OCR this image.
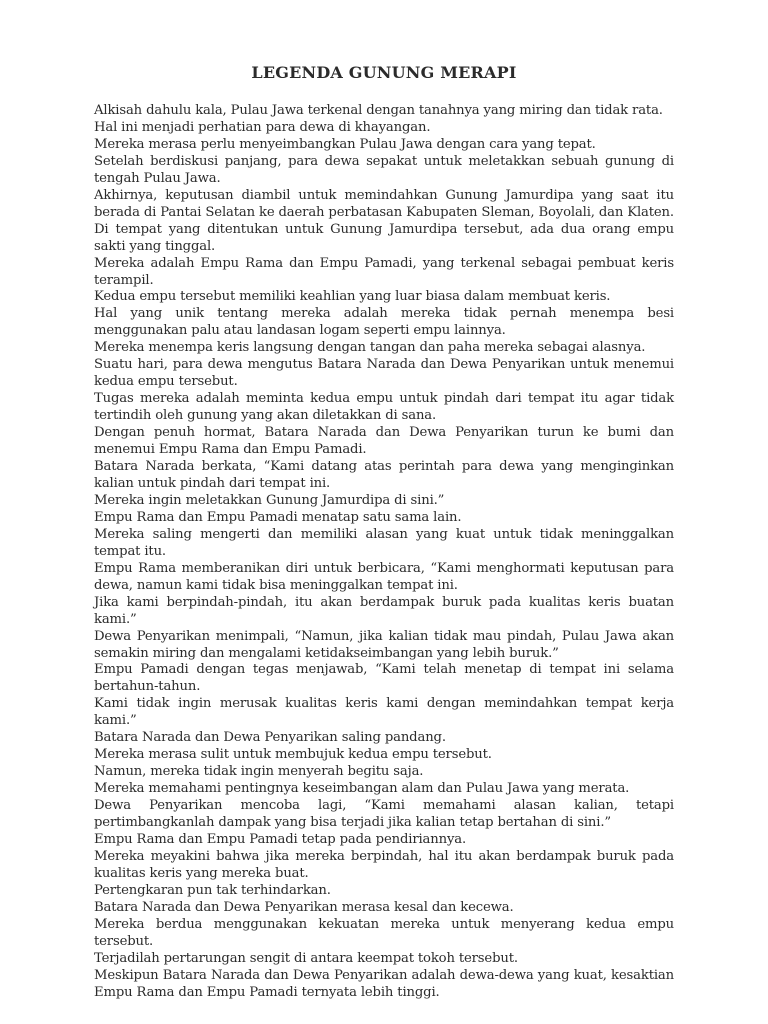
LEGENDA GUNUNG MERAPI

Alkisah dahulu kala, Pulau Jawa terkenal dengan tanahnya yang miring dan tidak rata.

Hal ini menjadi perhatian para dewa di khayangan.

Mereka merasa perlu menyeimbangkan Pulau Jawa dengan cara yang tepat.

Setelah berdiskusi panjang, para dewa sepakat untuk meletakkan sebuah gunung di tengah Pulau Jawa.

Akhirnya, keputusan diambil untuk memindahkan Gunung Jamurdipa yang saat itu berada di Pantai Selatan ke daerah perbatasan Kabupaten Sleman, Boyolali, dan Klaten.

Di tempat yang ditentukan untuk Gunung Jamurdipa tersebut, ada dua orang empu sakti yang tinggal.

Mereka adalah Empu Rama dan Empu Pamadi, yang terkenal sebagai pembuat keris terampil.

Kedua empu tersebut memiliki keahlian yang luar biasa dalam membuat keris.

Hal yang unik tentang mereka adalah mereka tidak pernah menempa besi menggunakan palu atau landasan logam seperti empu lainnya.

Mereka menempa keris langsung dengan tangan dan paha mereka sebagai alasnya.

Suatu hari, para dewa mengutus Batara Narada dan Dewa Penyarikan untuk menemui kedua empu tersebut.

Tugas mereka adalah meminta kedua empu untuk pindah dari tempat itu agar tidak tertindih oleh gunung yang akan diletakkan di sana.

Dengan penuh hormat, Batara Narada dan Dewa Penyarikan turun ke bumi dan menemui Empu Rama dan Empu Pamadi.

Batara Narada berkata, “Kami datang atas perintah para dewa yang menginginkan kalian untuk pindah dari tempat ini.

Mereka ingin meletakkan Gunung Jamurdipa di sini.”

Empu Rama dan Empu Pamadi menatap satu sama lain.

Mereka saling mengerti dan memiliki alasan yang kuat untuk tidak meninggalkan tempat itu.

Empu Rama memberanikan diri untuk berbicara, “Kami menghormati keputusan para dewa, namun kami tidak bisa meninggalkan tempat ini.

Jika kami berpindah-pindah, itu akan berdampak buruk pada kualitas keris buatan kami.”

Dewa Penyarikan menimpali, “Namun, jika kalian tidak mau pindah, Pulau Jawa akan semakin miring dan mengalami ketidakseimbangan yang lebih buruk.”

Empu Pamadi dengan tegas menjawab, “Kami telah menetap di tempat ini selama bertahun-tahun.

Kami tidak ingin merusak kualitas keris kami dengan memindahkan tempat kerja kami.”

Batara Narada dan Dewa Penyarikan saling pandang.

Mereka merasa sulit untuk membujuk kedua empu tersebut.

Namun, mereka tidak ingin menyerah begitu saja.

Mereka memahami pentingnya keseimbangan alam dan Pulau Jawa yang merata.

Dewa Penyarikan mencoba lagi, “Kami memahami alasan kalian, tetapi pertimbangkanlah dampak yang bisa terjadi jika kalian tetap bertahan di sini.”

Empu Rama dan Empu Pamadi tetap pada pendiriannya.

Mereka meyakini bahwa jika mereka berpindah, hal itu akan berdampak buruk pada kualitas keris yang mereka buat.

Pertengkaran pun tak terhindarkan.

Batara Narada dan Dewa Penyarikan merasa kesal dan kecewa.

Mereka berdua menggunakan kekuatan mereka untuk menyerang kedua empu tersebut.

Terjadilah pertarungan sengit di antara keempat tokoh tersebut.

Meskipun Batara Narada dan Dewa Penyarikan adalah dewa-dewa yang kuat, kesaktian Empu Rama dan Empu Pamadi ternyata lebih tinggi.
